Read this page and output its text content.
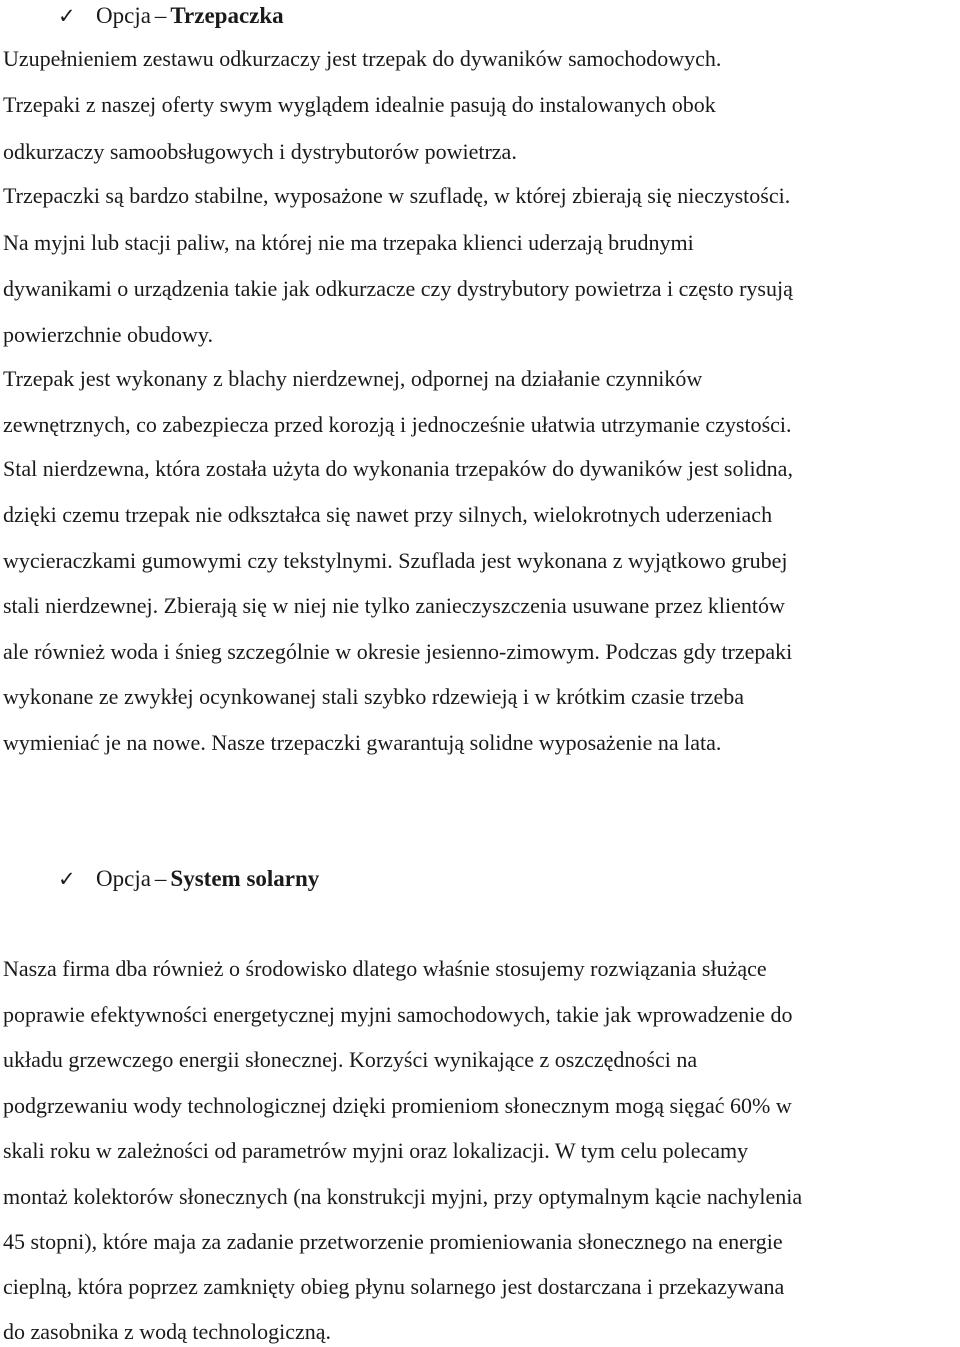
✓ Opcja – Trzepaczka
Uzupełnieniem zestawu odkurzaczy jest trzepak do dywaników samochodowych.
Trzepaki z naszej oferty swym wyglądem idealnie pasują do instalowanych obok
odkurzaczy samoobsługowych i dystrybutorów powietrza.
Trzepaczki są bardzo stabilne, wyposażone w szufladę, w której zbierają się nieczystości.
Na myjni lub stacji paliw, na której nie ma trzepaka klienci uderzają brudnymi
dywanikami o urządzenia takie jak odkurzacze czy dystrybutory powietrza i często rysują
powierzchnie obudowy.
Trzepak jest wykonany z blachy nierdzewnej, odpornej na działanie czynników
zewnętrznych, co zabezpiecza przed korozją i jednocześnie ułatwia utrzymanie czystości.
Stal nierdzewna, która została użyta do wykonania trzepaków do dywaników jest solidna,
dzięki czemu trzepak nie odkształca się nawet przy silnych, wielokrotnych uderzeniach
wycieraczkami gumowymi czy tekstylnymi. Szuflada jest wykonana z wyjątkowo grubej
stali nierdzewnej. Zbierają się w niej nie tylko zanieczyszczenia usuwane przez klientów
ale również woda i śnieg szczególnie w okresie jesienno-zimowym. Podczas gdy trzepaki
wykonane ze zwykłej ocynkowanej stali szybko rdzewieją i w krótkim czasie trzeba
wymieniać je na nowe. Nasze trzepaczki gwarantują solidne wyposażenie na lata.
✓ Opcja – System solarny
Nasza firma dba również o środowisko dlatego właśnie stosujemy rozwiązania służące
poprawie efektywności energetycznej myjni samochodowych, takie jak wprowadzenie do
układu grzewczego energii słonecznej. Korzyści wynikające z oszczędności na
podgrzewaniu wody technologicznej dzięki promieniom słonecznym mogą sięgać 60% w
skali roku w zależności od parametrów myjni oraz lokalizacji. W tym celu polecamy
montaż kolektorów słonecznych (na konstrukcji myjni, przy optymalnym kącie nachylenia
45 stopni), które maja za zadanie przetworzenie promieniowania słonecznego na energie
cieplną, która poprzez zamknięty obieg płynu solarnego jest dostarczana i przekazywana
do zasobnika z wodą technologiczną.
